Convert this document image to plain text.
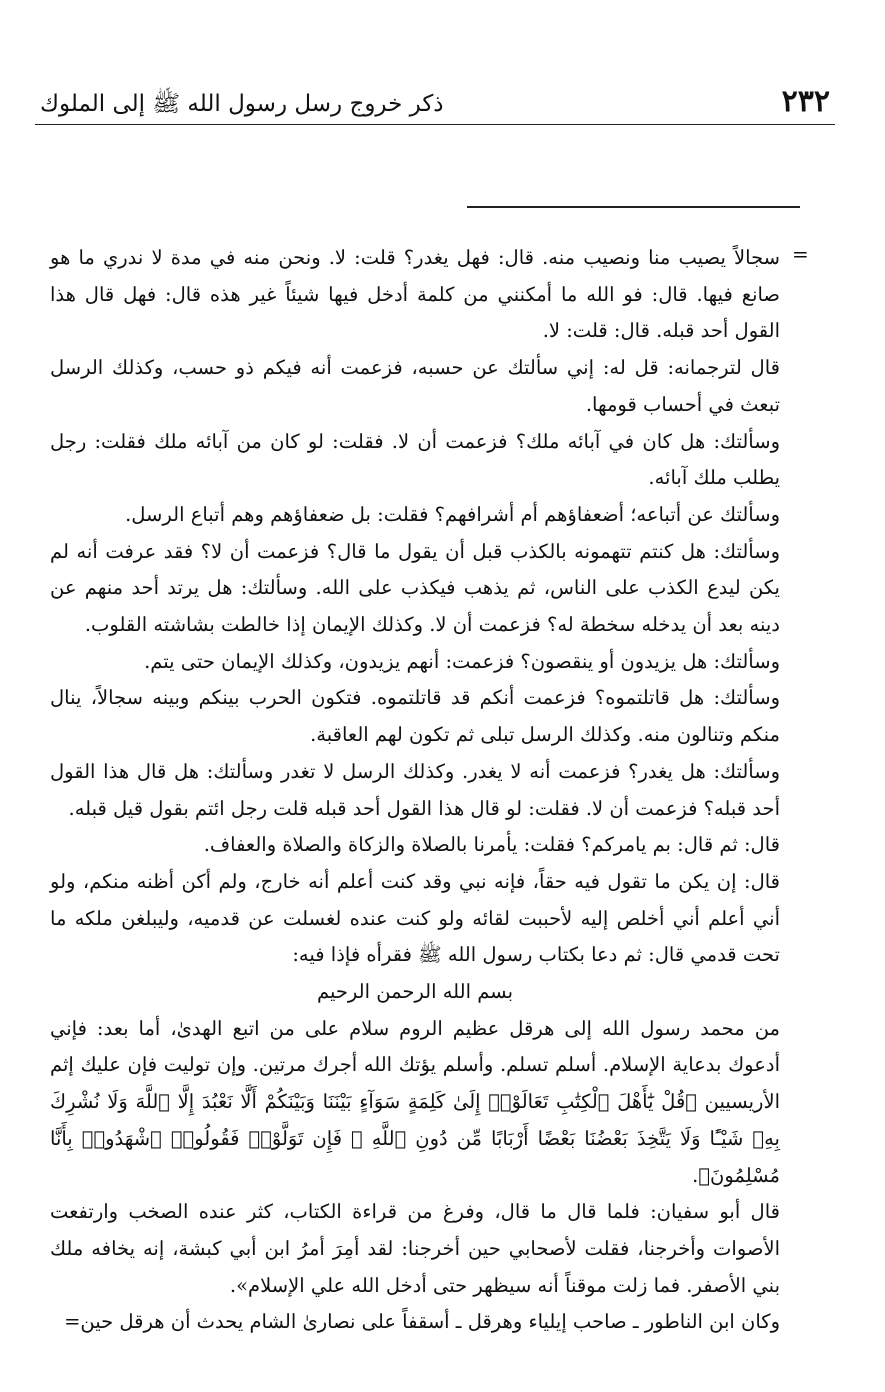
٢٣٢
ذكر خروج رسل رسول الله ﷺ إلى الملوك
=

سجالاً يصيب منا ونصيب منه. قال: فهل يغدر؟ قلت: لا. ونحن منه في مدة لا ندري ما هو صانع فيها. قال: فو الله ما أمكنني من كلمة أدخل فيها شيئاً غير هذه قال: فهل قال هذا القول أحد قبله. قال: قلت: لا.

قال لترجمانه: قل له: إني سألتك عن حسبه، فزعمت أنه فيكم ذو حسب، وكذلك الرسل تبعث في أحساب قومها.

وسألتك: هل كان في آبائه ملك؟ فزعمت أن لا. فقلت: لو كان من آبائه ملك فقلت: رجل يطلب ملك آبائه.

وسألتك عن أتباعه؛ أضعفاؤهم أم أشرافهم؟ فقلت: بل ضعفاؤهم وهم أتباع الرسل.

وسألتك: هل كنتم تتهمونه بالكذب قبل أن يقول ما قال؟ فزعمت أن لا؟ فقد عرفت أنه لم يكن ليدع الكذب على الناس، ثم يذهب فيكذب على الله. وسألتك: هل يرتد أحد منهم عن دينه بعد أن يدخله سخطة له؟ فزعمت أن لا. وكذلك الإيمان إذا خالطت بشاشته القلوب.

وسألتك: هل يزيدون أو ينقصون؟ فزعمت: أنهم يزيدون، وكذلك الإيمان حتى يتم.

وسألتك: هل قاتلتموه؟ فزعمت أنكم قد قاتلتموه. فتكون الحرب بينكم وبينه سجالاً، ينال منكم وتنالون منه. وكذلك الرسل تبلى ثم تكون لهم العاقبة.

وسألتك: هل يغدر؟ فزعمت أنه لا يغدر. وكذلك الرسل لا تغدر وسألتك: هل قال هذا القول أحد قبله؟ فزعمت أن لا. فقلت: لو قال هذا القول أحد قبله قلت رجل ائتم بقول قيل قبله.

قال: ثم قال: بم يامركم؟ فقلت: يأمرنا بالصلاة والزكاة والصلاة والعفاف.

قال: إن يكن ما تقول فيه حقاً، فإنه نبي وقد كنت أعلم أنه خارج، ولم أكن أظنه منكم، ولو أني أعلم أني أخلص إليه لأحببت لقائه ولو كنت عنده لغسلت عن قدميه، وليبلغن ملكه ما تحت قدمي قال: ثم دعا بكتاب رسول الله ﷺ فقرأه فإذا فيه:

بسم الله الرحمن الرحيم

من محمد رسول الله إلى هرقل عظيم الروم سلام على من اتبع الهدىٰ، أما بعد: فإني أدعوك بدعاية الإسلام. أسلم تسلم. وأسلم يؤتك الله أجرك مرتين. وإن توليت فإن عليك إثم الأريسيين ﴿قُلْ يَٰٓأَهْلَ ٱلْكِتَٰبِ تَعَالَوْا۟ إِلَىٰ كَلِمَةٍ سَوَآءٍ بَيْنَنَا وَبَيْنَكُمْ أَلَّا نَعْبُدَ إِلَّا ٱللَّهَ وَلَا نُشْرِكَ بِهِۦ شَيْـًٔا وَلَا يَتَّخِذَ بَعْضُنَا بَعْضًا أَرْبَابًا مِّن دُونِ ٱللَّهِ ۚ فَإِن تَوَلَّوْا۟ فَقُولُوا۟ ٱشْهَدُوا۟ بِأَنَّا مُسْلِمُونَ﴾.

قال أبو سفيان: فلما قال ما قال، وفرغ من قراءة الكتاب، كثر عنده الصخب وارتفعت الأصوات وأخرجنا، فقلت لأصحابي حين أخرجنا: لقد أمِرَ أمرُ ابن أبي كبشة، إنه يخافه ملك بني الأصفر. فما زلت موقناً أنه سيظهر حتى أدخل الله علي الإسلام».

وكان ابن الناطور ـ صاحب إيلياء وهرقل ـ أسقفاً على نصارىٰ الشام يحدث أن هرقل حين=
